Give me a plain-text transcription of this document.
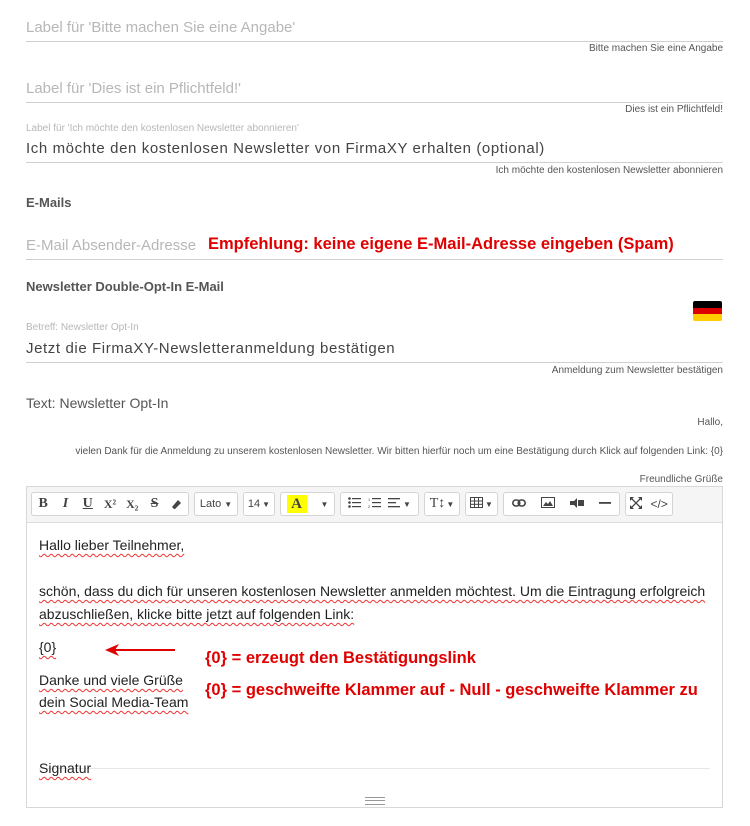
Label für 'Bitte machen Sie eine Angabe'
Bitte machen Sie eine Angabe
Label für 'Dies ist ein Pflichtfeld!'
Dies ist ein Pflichtfeld!
Label für 'Ich möchte den kostenlosen Newsletter abonnieren'
Ich möchte den kostenlosen Newsletter von FirmaXY erhalten (optional)
Ich möchte den kostenlosen Newsletter abonnieren
E-Mails
E-Mail Absender-Adresse Empfehlung: keine eigene E-Mail-Adresse eingeben (Spam)
Newsletter Double-Opt-In E-Mail
Betreff: Newsletter Opt-In
Jetzt die FirmaXY-Newsletteranmeldung bestätigen
Anmeldung zum Newsletter bestätigen
Text: Newsletter Opt-In
Hallo,
vielen Dank für die Anmeldung zu unserem kostenlosen Newsletter. Wir bitten hierfür noch um eine Bestätigung durch Klick auf folgenden Link: {0}
Freundliche Grüße
B	I	U X² X₂ S	Lato ▼ 14 ▼	A	▼	1
2	▼ T↕ ▼	▼	</>
Hallo lieber Teilnehmer,
schön, dass du dich für unseren kostenlosen Newsletter anmelden möchtest. Um die Eintragung erfolgreich
abzuschließen, klicke bitte jetzt auf folgenden Link:
{0}
Danke und viele Grüße
dein Social Media-Team
Signatur
{0} = erzeugt den Bestätigungslink
{0} = geschweifte Klammer auf - Null - geschweifte Klammer zu
